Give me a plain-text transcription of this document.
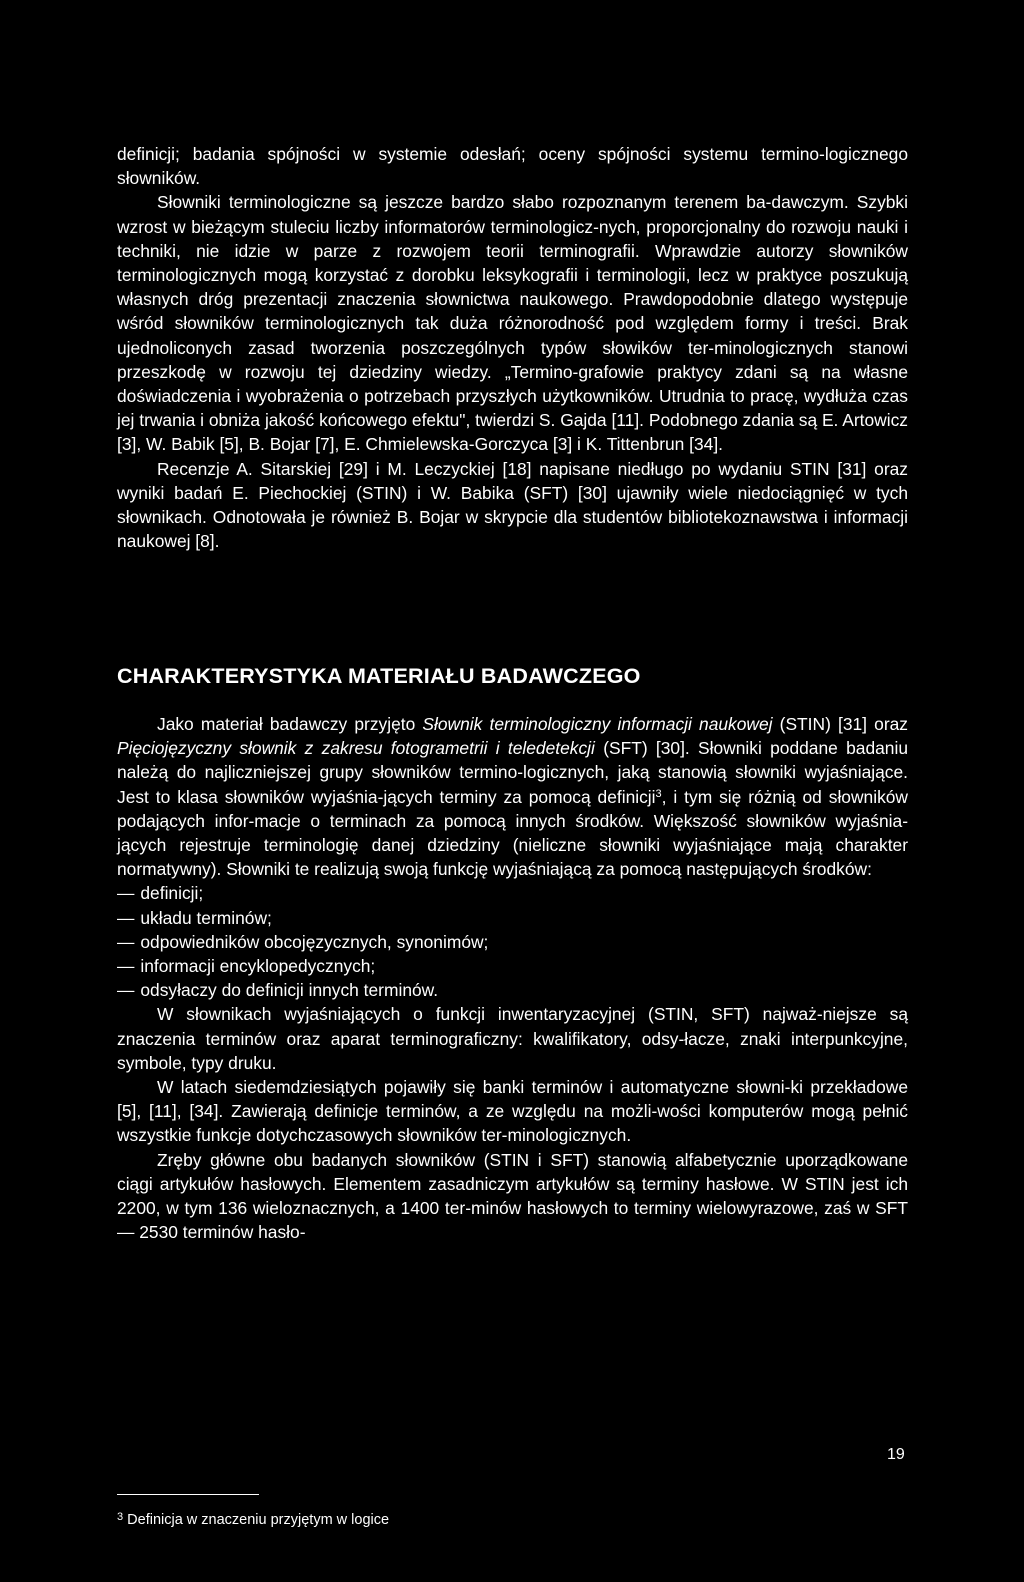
definicji; badania spójności w systemie odesłań; oceny spójności systemu termino-logicznego słowników.

Słowniki terminologiczne są jeszcze bardzo słabo rozpoznanym terenem ba-dawczym. Szybki wzrost w bieżącym stuleciu liczby informatorów terminologicz-nych, proporcjonalny do rozwoju nauki i techniki, nie idzie w parze z rozwojem teorii terminografii. Wprawdzie autorzy słowników terminologicznych mogą korzystać z dorobku leksykografii i terminologii, lecz w praktyce poszukują własnych dróg prezentacji znaczenia słownictwa naukowego. Prawdopodobnie dlatego występuje wśród słowników terminologicznych tak duża różnorodność pod względem formy i treści. Brak ujednoliconych zasad tworzenia poszczególnych typów słowików ter-minologicznych stanowi przeszkodę w rozwoju tej dziedziny wiedzy. „Termino-grafowie praktycy zdani są na własne doświadczenia i wyobrażenia o potrzebach przyszłych użytkowników. Utrudnia to pracę, wydłuża czas jej trwania i obniża jakość końcowego efektu", twierdzi S. Gajda [11]. Podobnego zdania są E. Artowicz [3], W. Babik [5], B. Bojar [7], E. Chmielewska-Gorczyca [3] i K. Tittenbrun [34].

Recenzje A. Sitarskiej [29] i M. Leczyckiej [18] napisane niedługo po wydaniu STIN [31] oraz wyniki badań E. Piechockiej (STIN) i W. Babika (SFT) [30] ujawniły wiele niedociągnięć w tych słownikach. Odnotowała je również B. Bojar w skrypcie dla studentów bibliotekoznawstwa i informacji naukowej [8].

CHARAKTERYSTYKA MATERIAŁU BADAWCZEGO

Jako materiał badawczy przyjęto Słownik terminologiczny informacji naukowej (STIN) [31] oraz Pięciojęzyczny słownik z zakresu fotogrametrii i teledetekcji (SFT) [30]. Słowniki poddane badaniu należą do najliczniejszej grupy słowników termino-logicznych, jaką stanowią słowniki wyjaśniające. Jest to klasa słowników wyjaśnia-jących terminy za pomocą definicji$^3$, i tym się różnią od słowników podających infor-macje o terminach za pomocą innych środków. Większość słowników wyjaśnia-jących rejestruje terminologię danej dziedziny (nieliczne słowniki wyjaśniające mają charakter normatywny). Słowniki te realizują swoją funkcję wyjaśniającą za pomocą następujących środków:

— definicji;
— układu terminów;
— odpowiedników obcojęzycznych, synonimów;
— informacji encyklopedycznych;
— odsyłaczy do definicji innych terminów.

W słownikach wyjaśniających o funkcji inwentaryzacyjnej (STIN, SFT) najważ-niejsze są znaczenia terminów oraz aparat terminograficzny: kwalifikatory, odsy-łacze, znaki interpunkcyjne, symbole, typy druku.

W latach siedemdziesiątych pojawiły się banki terminów i automatyczne słowni-ki przekładowe [5], [11], [34]. Zawierają definicje terminów, a ze względu na możli-wości komputerów mogą pełnić wszystkie funkcje dotychczasowych słowników ter-minologicznych.

Zręby główne obu badanych słowników (STIN i SFT) stanowią alfabetycznie uporządkowane ciągi artykułów hasłowych. Elementem zasadniczym artykułów są terminy hasłowe. W STIN jest ich 2200, w tym 136 wieloznacznych, a 1400 ter-minów hasłowych to terminy wielowyrazowe, zaś w SFT — 2530 terminów hasło-

$^3$ Definicja w znaczeniu przyjętym w logice

19
